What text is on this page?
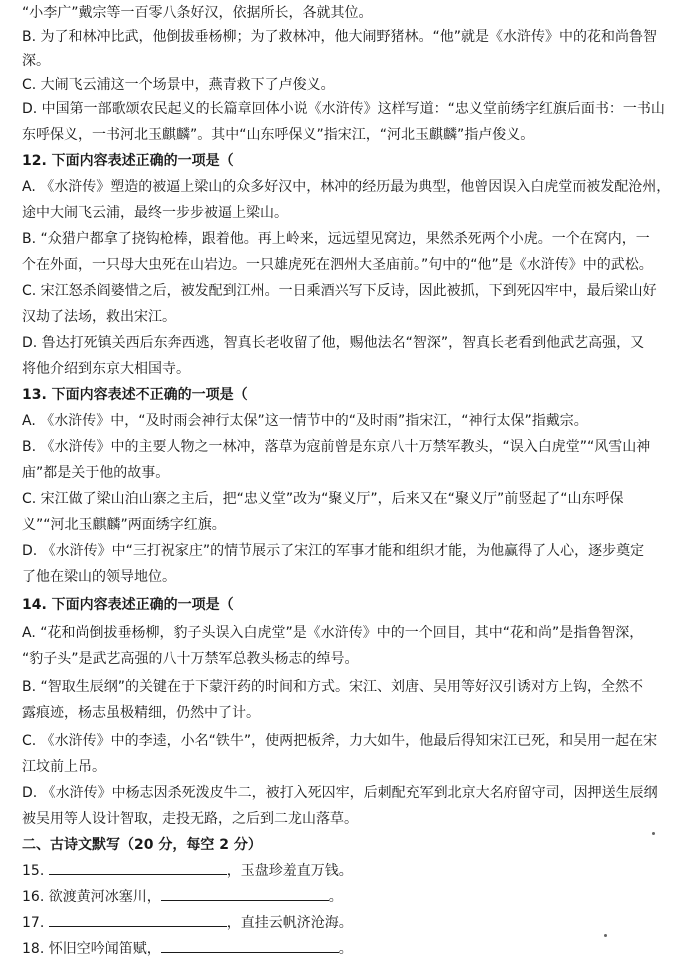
“小李广”戴宗等一百零八条好汉，依据所长，各就其位。
B. 为了和林冲比武，他倒拔垂杨柳；为了救林冲，他大闹野猪林。“他”就是《水浒传》中的花和尚鲁智
深。
C. 大闹飞云浦这一个场景中，燕青救下了卢俊义。
D. 中国第一部歌颂农民起义的长篇章回体小说《水浒传》这样写道：“忠义堂前绣字红旗后面书：一书山
东呼保义，一书河北玉麒麟”。其中“山东呼保义”指宋江，“河北玉麒麟”指卢俊义。
12. 下面内容表述正确的一项是（
A. 《水浒传》塑造的被逼上梁山的众多好汉中，林冲的经历最为典型，他曾因误入白虎堂而被发配沧州，
途中大闹飞云浦，最终一步步被逼上梁山。
B. “众猎户都拿了挠钩枪棒，跟着他。再上岭来，远远望见窝边，果然杀死两个小虎。一个在窝内，一
个在外面，一只母大虫死在山岩边。一只雄虎死在泗州大圣庙前。”句中的“他”是《水浒传》中的武松。
C. 宋江怒杀阎婆惜之后，被发配到江州。一日乘酒兴写下反诗，因此被抓，下到死囚牢中，最后梁山好
汉劫了法场，救出宋江。
D. 鲁达打死镇关西后东奔西逃，智真长老收留了他，赐他法名“智深”，智真长老看到他武艺高强，又
将他介绍到东京大相国寺。
13. 下面内容表述不正确的一项是（
A. 《水浒传》中，“及时雨会神行太保”这一情节中的“及时雨”指宋江，“神行太保”指戴宗。
B. 《水浒传》中的主要人物之一林冲，落草为寇前曾是东京八十万禁军教头，“误入白虎堂”“风雪山神
庙”都是关于他的故事。
C. 宋江做了梁山泊山寨之主后，把“忠义堂”改为“聚义厅”，后来又在“聚义厅”前竖起了“山东呼保
义”“河北玉麒麟”两面绣字红旗。
D. 《水浒传》中“三打祝家庄”的情节展示了宋江的军事才能和组织才能，为他赢得了人心，逐步奠定
了他在梁山的领导地位。
14. 下面内容表述正确的一项是（
A. “花和尚倒拔垂杨柳，豹子头误入白虎堂”是《水浒传》中的一个回目，其中“花和尚”是指鲁智深，
“豹子头”是武艺高强的八十万禁军总教头杨志的绰号。
B. “智取生辰纲”的关键在于下蒙汗药的时间和方式。宋江、刘唐、吴用等好汉引诱对方上钩，全然不
露痕迹，杨志虽极精细，仍然中了计。
C. 《水浒传》中的李逵，小名“铁牛”，使两把板斧，力大如牛，他最后得知宋江已死，和吴用一起在宋
江坟前上吊。
D. 《水浒传》中杨志因杀死泼皮牛二，被打入死囚牢，后刺配充军到北京大名府留守司，因押送生辰纲
被吴用等人设计智取，走投无路，之后到二龙山落草。
二、古诗文默写（20 分，每空 2 分）
15.	，玉盘珍羞直万钱。
16. 欲渡黄河冰塞川，	。
17.	，直挂云帆济沧海。
18. 怀旧空吟闻笛赋，	。
